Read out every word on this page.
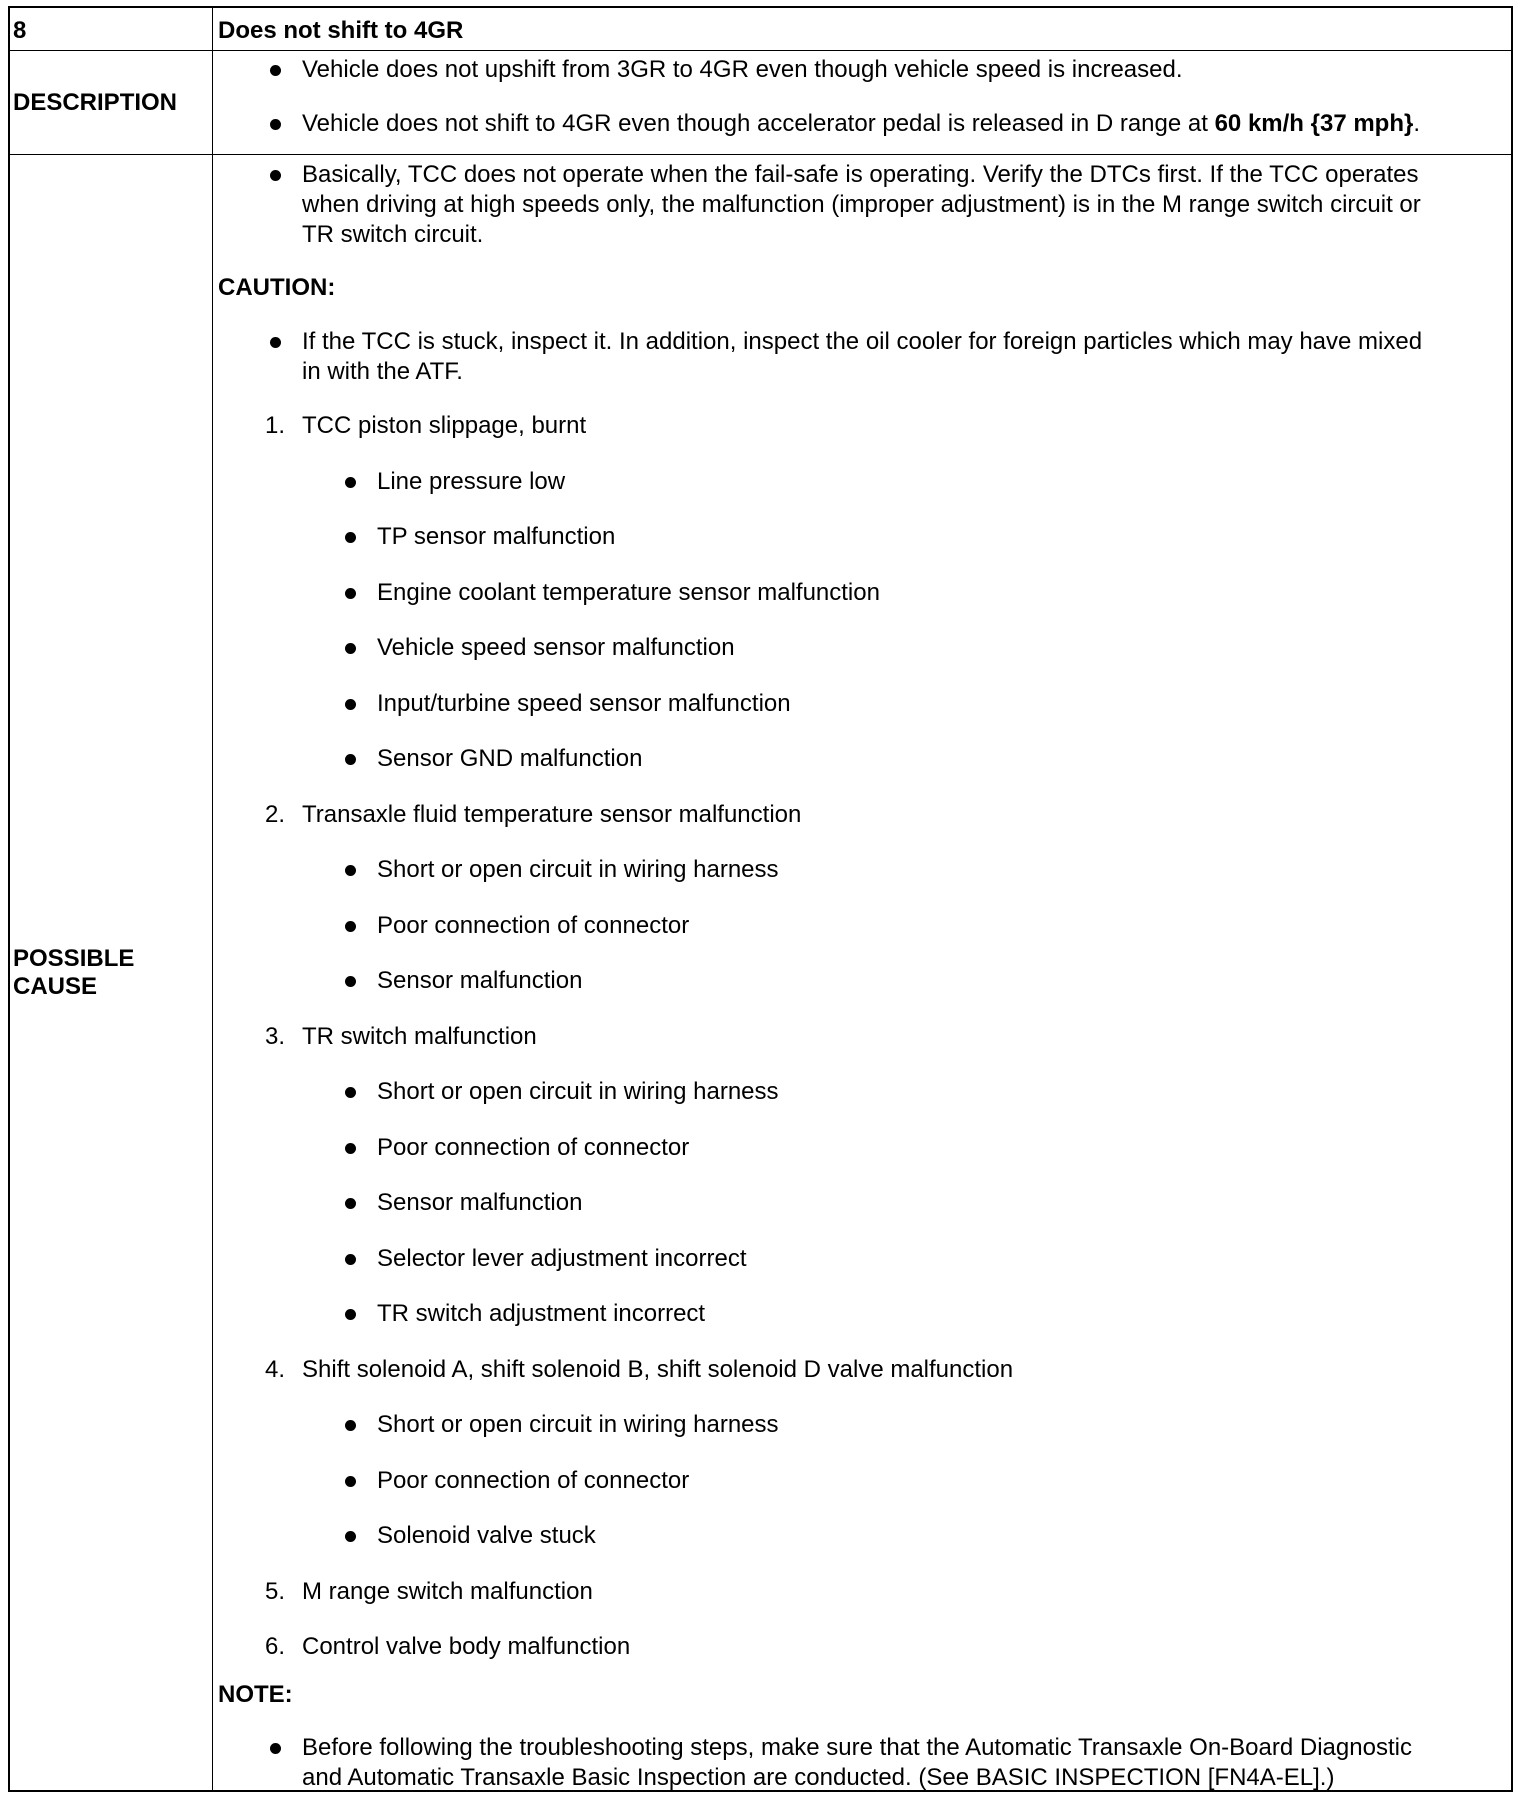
8	Does not shift to 4GR
DESCRIPTION
Vehicle does not upshift from 3GR to 4GR even though vehicle speed is increased.
Vehicle does not shift to 4GR even though accelerator pedal is released in D range at 60 km/h {37 mph}.
POSSIBLE
CAUSE
Basically, TCC does not operate when the fail-safe is operating. Verify the DTCs first. If the TCC operates
when driving at high speeds only, the malfunction (improper adjustment) is in the M range switch circuit or
TR switch circuit.
CAUTION:
If the TCC is stuck, inspect it. In addition, inspect the oil cooler for foreign particles which may have mixed
in with the ATF.
1. TCC piston slippage, burnt
Line pressure low
TP sensor malfunction
Engine coolant temperature sensor malfunction
Vehicle speed sensor malfunction
Input/turbine speed sensor malfunction
Sensor GND malfunction
2. Transaxle fluid temperature sensor malfunction
Short or open circuit in wiring harness
Poor connection of connector
Sensor malfunction
3. TR switch malfunction
Short or open circuit in wiring harness
Poor connection of connector
Sensor malfunction
Selector lever adjustment incorrect
TR switch adjustment incorrect
4. Shift solenoid A, shift solenoid B, shift solenoid D valve malfunction
Short or open circuit in wiring harness
Poor connection of connector
Solenoid valve stuck
5. M range switch malfunction
6. Control valve body malfunction
NOTE:
Before following the troubleshooting steps, make sure that the Automatic Transaxle On-Board Diagnostic
and Automatic Transaxle Basic Inspection are conducted. (See BASIC INSPECTION [FN4A-EL].)
